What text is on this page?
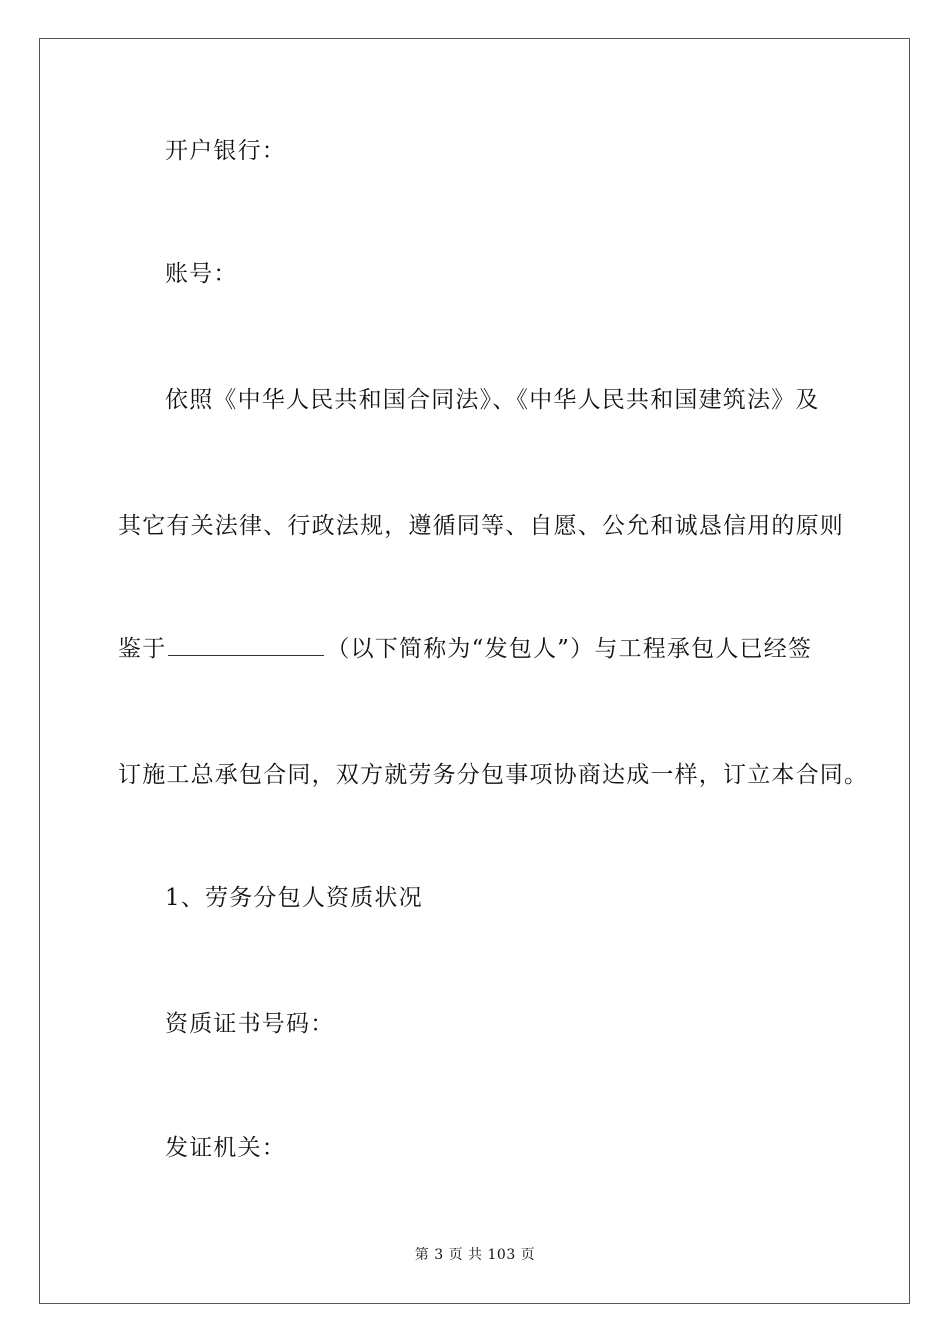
开户银行：
账号：
依照《中华人民共和国合同法》、《中华人民共和国建筑法》及
其它有关法律、行政法规，遵循同等、自愿、公允和诚恳信用的原则
鉴于	（以下简称为“发包人”）与工程承包人已经签
订施工总承包合同，双方就劳务分包事项协商达成一样，订立本合同。
1、劳务分包人资质状况
资质证书号码：
发证机关：
第 3 页 共 103 页
